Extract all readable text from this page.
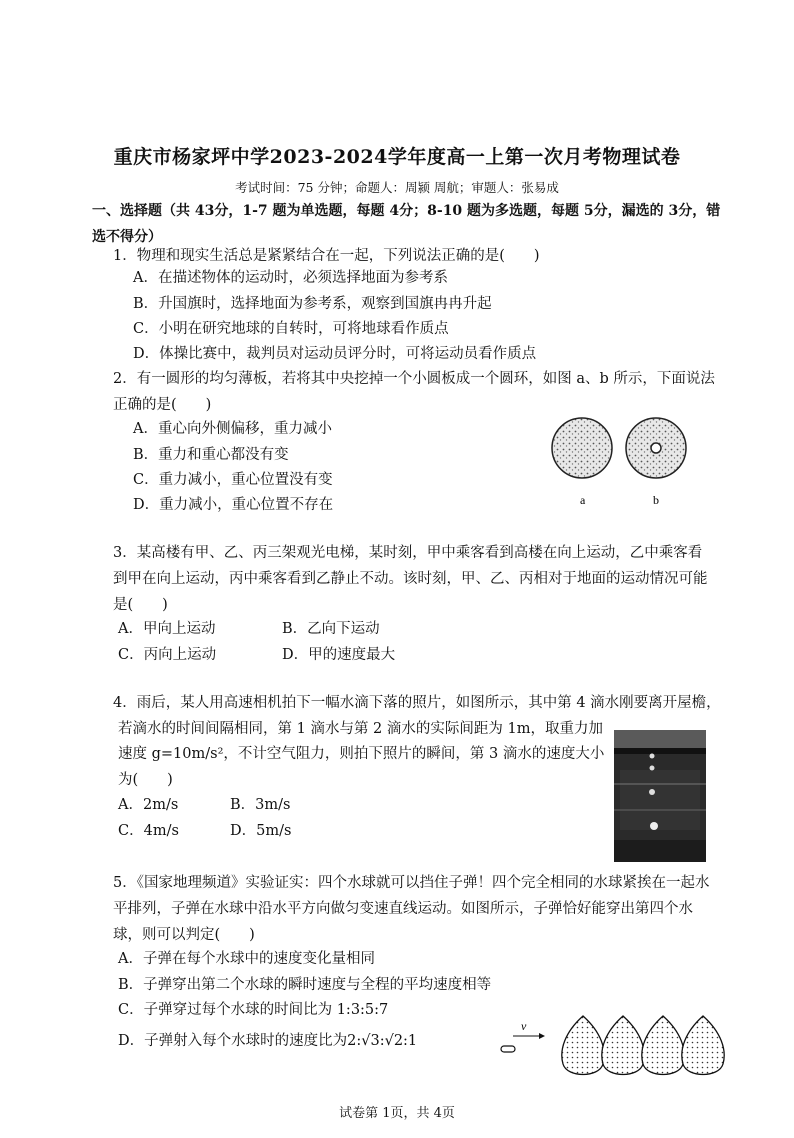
重庆市杨家坪中学2023-2024学年度高一上第一次月考物理试卷
考试时间：75 分钟；命题人：周颍 周航；审题人：张易成
一、选择题（共 43分，1-7 题为单选题，每题 4分；8-10 题为多选题，每题 5分，漏选的 3分，错选不得分）
1．物理和现实生活总是紧紧结合在一起，下列说法正确的是(　　)
A．在描述物体的运动时，必须选择地面为参考系
B．升国旗时，选择地面为参考系，观察到国旗冉冉升起
C．小明在研究地球的自转时，可将地球看作质点
D．体操比赛中，裁判员对运动员评分时，可将运动员看作质点
2．有一圆形的均匀薄板，若将其中央挖掉一个小圆板成一个圆环，如图 a、b 所示，下面说法正确的是(　　)
A．重心向外侧偏移，重力减小
B．重力和重心都没有变
C．重力减小，重心位置没有变
D．重力减小，重心位置不存在	a	b
3．某高楼有甲、乙、丙三架观光电梯，某时刻，甲中乘客看到高楼在向上运动，乙中乘客看到甲在向上运动，丙中乘客看到乙静止不动。该时刻，甲、乙、丙相对于地面的运动情况可能是(　　)
A．甲向上运动	B．乙向下运动
C．丙向上运动	D．甲的速度最大
4．雨后，某人用高速相机拍下一幅水滴下落的照片，如图所示，其中第 4 滴水刚要离开屋檐，
若滴水的时间间隔相同，第 1 滴水与第 2 滴水的实际间距为 1m，取重力加
速度 g=10m/s²，不计空气阻力，则拍下照片的瞬间，第 3 滴水的速度大小
为(　　)
A．2m/s	B．3m/s
C．4m/s	D．5m/s
5．《国家地理频道》实验证实：四个水球就可以挡住子弹！四个完全相同的水球紧挨在一起水平排列，子弹在水球中沿水平方向做匀变速直线运动。如图所示，子弹恰好能穿出第四个水球，则可以判定(　　)
A．子弹在每个水球中的速度变化量相同
B．子弹穿出第二个水球的瞬时速度与全程的平均速度相等
C．子弹穿过每个水球的时间比为 1:3:5:7
D．子弹射入每个水球时的速度比为2:√3:√2:1
v
试卷第 1页，共 4页
